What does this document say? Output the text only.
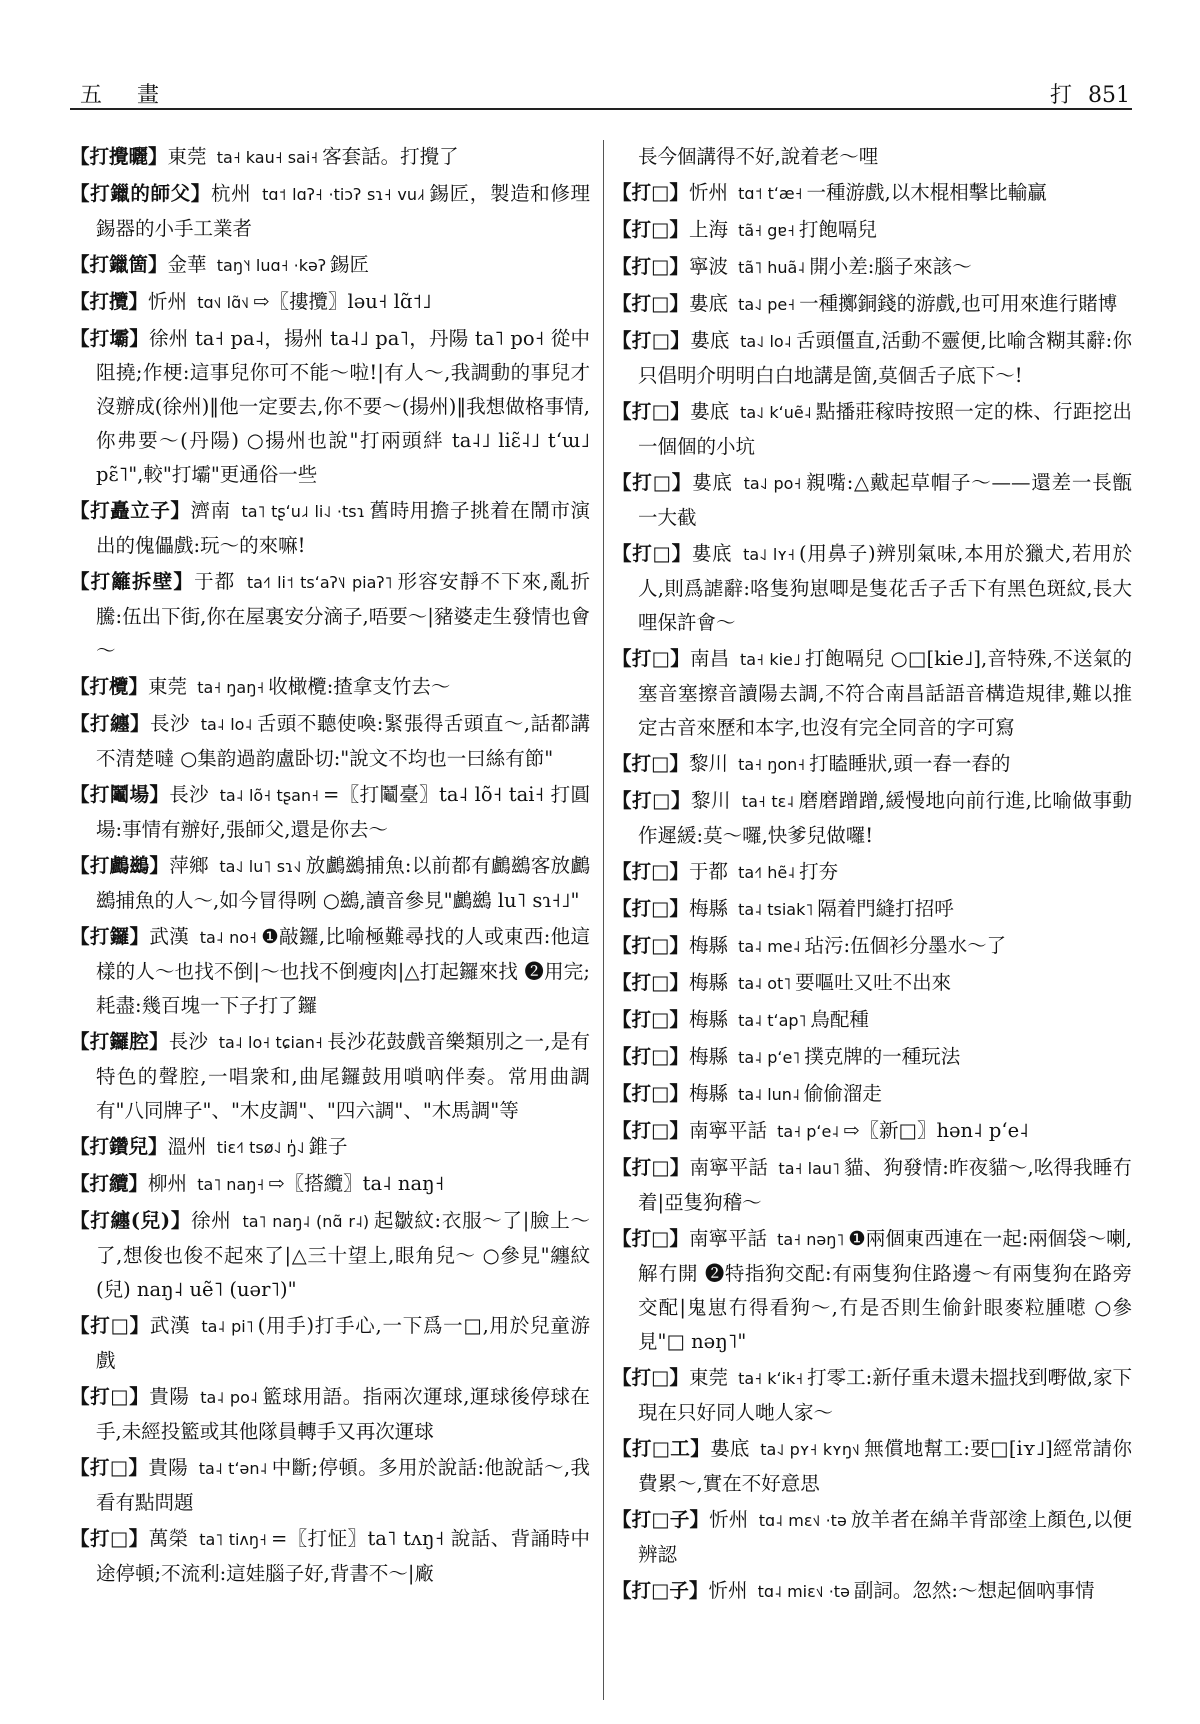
五 畫	打 851

【打攪曬】東莞 ta˧ kau˧ sai˧ 客套話。打攪了

【打鑞的師父】杭州 tɑ˦ lɑʔ˧ ·tiɔʔ sɿ˧ vu˩˧ 錫匠，製造和修理錫器的小手工業者

【打鑞箇】金華 taŋ˥˧ luɑ˧ ·kəʔ 錫匠

【打攬】忻州 tɑ˦˩ lɑ̃˦˩ ⇨〖摟攬〗ləu˧ lɑ̃˦˩

【打壩】徐州 ta˧ pa˨，揚州 ta˨˩ pa˥，丹陽 ta˥ po˧ 從中阻撓;作梗:這事兒你可不能～啦!|有人～,我調動的事兒才沒辦成(徐州)‖他一定要去,你不要～(揚州)‖我想做格事情,你弗要～(丹陽) ○揚州也說"打兩頭絆 ta˨˩ liɛ̃˨˩ tʻɯ˩ pɛ̃˥",較"打壩"更通俗一些

【打矗立子】濟南 ta˥ tʂʻu˩˨ li˨˩ ·tsɿ 舊時用擔子挑着在鬧市演出的傀儡戲:玩～的來嘛!

【打籬拆壁】于都 ta˧˥ li˦ tsʻaʔ˥˩ piaʔ˥ 形容安靜不下來,亂折騰:伍出下街,你在屋裏安分滴子,唔要～|豬婆走生發情也會～

【打欖】東莞 ta˧ ŋaŋ˧ 收橄欖:揸拿支竹去～

【打纏】長沙 ta˨ lo˨ 舌頭不聽使喚:緊張得舌頭直～,話都講不清楚噠 ○集韵過韵盧卧切:"說文不均也一曰絲有節"

【打鬮場】長沙 ta˨ lõ˧ tʂan˧ =〖打鬮臺〗ta˨ lõ˧ tai˧ 打圓場:事情有辦好,張師父,還是你去～

【打鸕鷀】萍鄉 ta˨˩ lu˥ sɿ˧˩ 放鸕鷀捕魚:以前都有鸕鷀客放鸕鷀捕魚的人～,如今冒得咧 ○鷀,讀音參見"鸕鷀 lu˥ sɿ˧˩"

【打鑼】武漢 ta˨ no˧ ❶敲鑼,比喻極難尋找的人或東西:他這樣的人～也找不倒|～也找不倒瘦肉|△打起鑼來找 ❷用完;耗盡:幾百塊一下子打了鑼

【打鑼腔】長沙 ta˨ lo˧ tɕian˧ 長沙花鼓戲音樂類別之一,是有特色的聲腔,一唱衆和,曲尾鑼鼓用嗩吶伴奏。常用曲調有"八同牌子"、"木皮調"、"四六調"、"木馬調"等

【打鑽兒】溫州 tiɛ˧˥ tsø˨˩ ŋ̍˨˩ 錐子

【打纜】柳州 ta˥ naŋ˧ ⇨〖搭纜〗ta˨ naŋ˧

【打纏(兒)】徐州 ta˥ naŋ˨ (nɑ̃ r˨) 起皺紋:衣服～了|臉上～了,想俊也俊不起來了|△三十望上,眼角兒～ ○參見"纏紋(兒) naŋ˨ uẽ˥ (uər˥)"

【打□】武漢 ta˨ pi˥ (用手)打手心,一下爲一□,用於兒童游戲

【打□】貴陽 ta˨ po˨ 籃球用語。指兩次運球,運球後停球在手,未經投籃或其他隊員轉手又再次運球

【打□】貴陽 ta˨ tʻən˨ 中斷;停頓。多用於說話:他說話～,我看有點問題

【打□】萬榮 ta˥ tiʌŋ˧ =〖打怔〗ta˥ tʌŋ˧ 說話、背誦時中途停頓;不流利:這娃腦子好,背書不～|廠

長今個講得不好,說着老～哩

【打□】忻州 tɑ˦ tʻæ˧ 一種游戲,以木棍相擊比輸贏

【打□】上海 tã˧ gɐ˧ 打飽嗝兒

【打□】寧波 tã˥ huã˨ 開小差:腦子來該～

【打□】婁底 ta˨˩ pe˧ 一種擲銅錢的游戲,也可用來進行賭博

【打□】婁底 ta˨˩ lo˨ 舌頭僵直,活動不靈便,比喻含糊其辭:你只倡明介明明白白地講是箇,莫個舌子底下～!

【打□】婁底 ta˨˩ kʻuẽ˨ 點播莊稼時按照一定的株、行距挖出一個個的小坑

【打□】婁底 ta˨˩ po˧ 親嘴:△戴起草帽子～——還差一長甑一大截

【打□】婁底 ta˨˩ lʏ˧ (用鼻子)辨別氣味,本用於獵犬,若用於人,則爲謔辭:咯隻狗崽唧是隻花舌子舌下有黑色斑紋,長大哩保許會～

【打□】南昌 ta˧ kie˩ 打飽嗝兒 ○□[kie˩],音特殊,不送氣的塞音塞擦音讀陽去調,不符合南昌話語音構造規律,難以推定古音來歷和本字,也沒有完全同音的字可寫

【打□】黎川 ta˧ ŋon˧ 打瞌睡狀,頭一舂一舂的

【打□】黎川 ta˧ tɛ˨ 磨磨蹭蹭,緩慢地向前行進,比喻做事動作遲緩:莫～囉,快爹兒做囉!

【打□】于都 ta˧˥ hẽ˨ 打夯

【打□】梅縣 ta˨ tsiak˥ 隔着門縫打招呼

【打□】梅縣 ta˨ me˨ 玷污:伍個衫分墨水～了

【打□】梅縣 ta˨ ot˥ 要嘔吐又吐不出來

【打□】梅縣 ta˨ tʻap˥ 鳥配種

【打□】梅縣 ta˨ pʻe˥ 撲克牌的一種玩法

【打□】梅縣 ta˨ lun˨ 偷偷溜走

【打□】南寧平話 ta˧ pʻe˨ ⇨〖新□〗hən˨ pʻe˨

【打□】南寧平話 ta˧ lau˥ 貓、狗發情:昨夜貓～,吆得我睡冇着|亞隻狗稽～

【打□】南寧平話 ta˧ nəŋ˥ ❶兩個東西連在一起:兩個袋～喇,解冇開 ❷特指狗交配:有兩隻狗住路邊～有兩隻狗在路旁交配|鬼崽冇得看狗～,冇是否則生偷針眼麥粒腫㘃 ○參見"□ nəŋ˥"

【打□】東莞 ta˧ kʻik˧ 打零工:新仔重未還未搵找到嘢做,家下現在只好同人哋人家～

【打□工】婁底 ta˨˩ pʏ˧ kʏŋ˦˩ 無償地幫工:要□[iʏ˩]經常請你費累～,實在不好意思

【打□子】忻州 tɑ˨ mɛ˦˩ ·tə 放羊者在綿羊背部塗上顏色,以便辨認

【打□子】忻州 tɑ˨ miɛ˦˩ ·tə 副詞。忽然:～想起個吶事情
